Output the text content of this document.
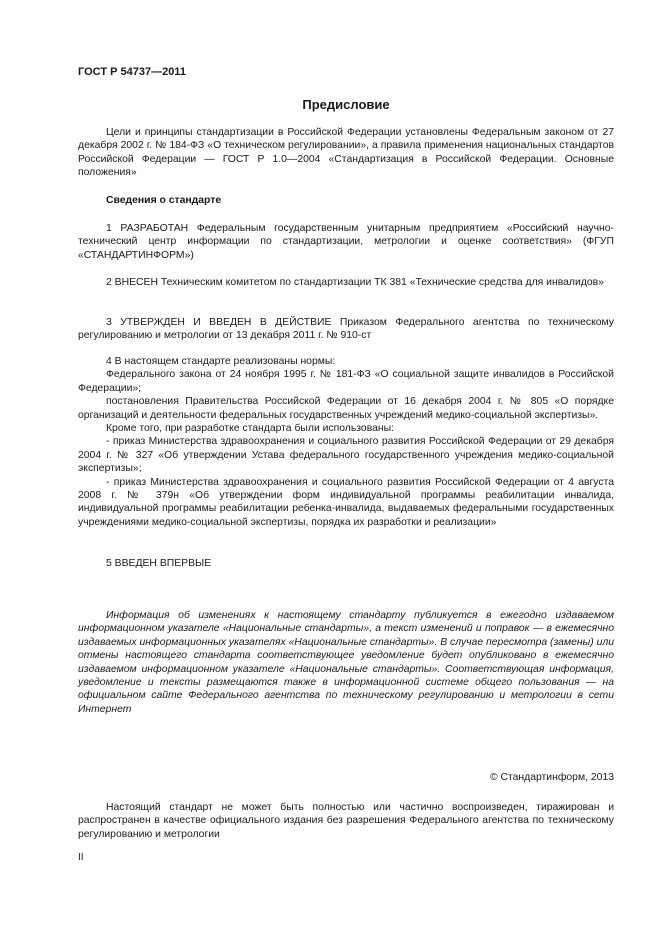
ГОСТ Р 54737—2011

Предисловие

Цели и принципы стандартизации в Российской Федерации установлены Федеральным законом от 27 декабря 2002 г. № 184-ФЗ «О техническом регулировании», а правила применения национальных стандартов Российской Федерации — ГОСТ Р 1.0—2004 «Стандартизация в Российской Федерации. Основные положения»

Сведения о стандарте

1 РАЗРАБОТАН Федеральным государственным унитарным предприятием «Российский научно-технический центр информации по стандартизации, метрологии и оценке соответствия» (ФГУП «СТАНДАРТИНФОРМ»)

2 ВНЕСЕН Техническим комитетом по стандартизации ТК 381 «Технические средства для инвалидов»

3 УТВЕРЖДЕН И ВВЕДЕН В ДЕЙСТВИЕ Приказом Федерального агентства по техническому регулированию и метрологии от 13 декабря 2011 г. № 910-ст

4 В настоящем стандарте реализованы нормы:

Федерального закона от 24 ноября 1995 г. № 181-ФЗ «О социальной защите инвалидов в Российской Федерации»;

постановления Правительства Российской Федерации от 16 декабря 2004 г. № 805 «О порядке организаций и деятельности федеральных государственных учреждений медико-социальной экспертизы».

Кроме того, при разработке стандарта были использованы:

- приказ Министерства здравоохранения и социального развития Российской Федерации от 29 декабря 2004 г. № 327 «Об утверждении Устава федерального государственного учреждения медико-социальной экспертизы»;

- приказ Министерства здравоохранения и социального развития Российской Федерации от 4 августа 2008 г. № 379н «Об утверждении форм индивидуальной программы реабилитации инвалида, индивидуальной программы реабилитации ребенка-инвалида, выдаваемых федеральными государственных учреждениями медико-социальной экспертизы, порядка их разработки и реализации»

5 ВВЕДЕН ВПЕРВЫЕ

Информация об изменениях к настоящему стандарту публикуется в ежегодно издаваемом информационном указателе «Национальные стандарты», а текст изменений и поправок — в ежемесячно издаваемых информационных указателях «Национальные стандарты». В случае пересмотра (замены) или отмены настоящего стандарта соответствующее уведомление будет опубликовано в ежемесячно издаваемом информационном указателе «Национальные стандарты». Соответствующая информация, уведомление и тексты размещаются также в информационной системе общего пользования — на официальном сайте Федерального агентства по техническому регулированию и метрологии в сети Интернет

© Стандартинформ, 2013

Настоящий стандарт не может быть полностью или частично воспроизведен, тиражирован и распространен в качестве официального издания без разрешения Федерального агентства по техническому регулированию и метрологии

II
